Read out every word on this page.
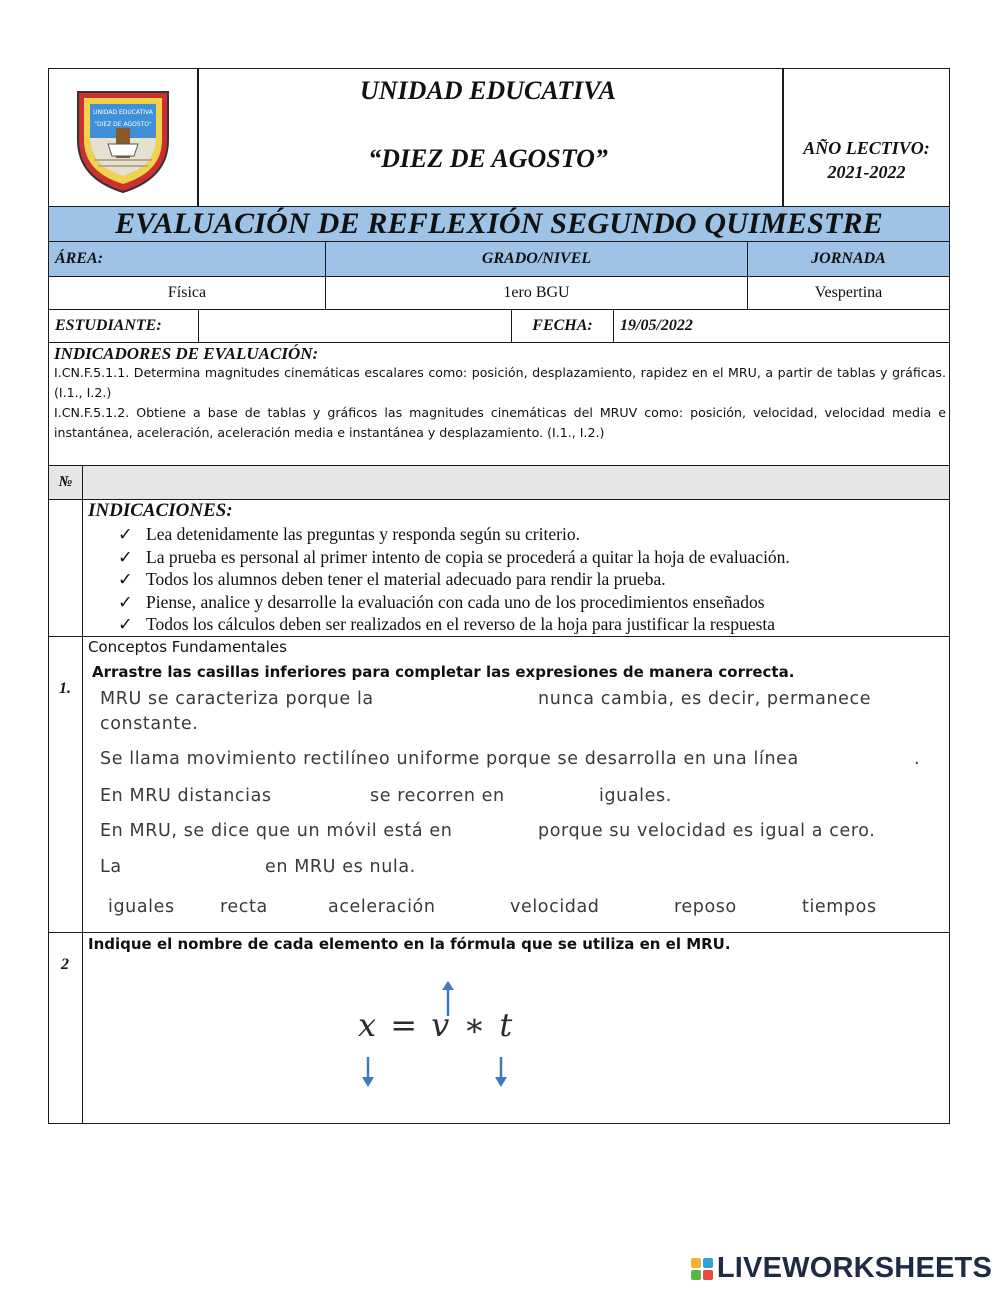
UNIDAD EDUCATIVA
"DIEZ DE AGOSTO"
UNIDAD EDUCATIVA
“DIEZ DE AGOSTO”	AÑO LECTIVO:
2021-2022
EVALUACIÓN DE REFLEXIÓN SEGUNDO QUIMESTRE
ÁREA:	GRADO/NIVEL	JORNADA
Física	1ero BGU	Vespertina
ESTUDIANTE:	FECHA:	19/05/2022
INDICADORES DE EVALUACIÓN:
I.CN.F.5.1.1. Determina magnitudes cinemáticas escalares como: posición, desplazamiento, rapidez en el MRU, a partir de tablas y gráficas. (I.1., I.2.)
I.CN.F.5.1.2. Obtiene a base de tablas y gráficos las magnitudes cinemáticas del MRUV como: posición, velocidad, velocidad media e instantánea, aceleración, aceleración media e instantánea y desplazamiento. (I.1., I.2.)
№
INDICACIONES:
✓ Lea detenidamente las preguntas y responda según su criterio.
✓ La prueba es personal al primer intento de copia se procederá a quitar la hoja de evaluación.
✓ Todos los alumnos deben tener el material adecuado para rendir la prueba.
✓ Piense, analice y desarrolle la evaluación con cada uno de los procedimientos enseñados
✓ Todos los cálculos deben ser realizados en el reverso de la hoja para justificar la respuesta
1.
Conceptos Fundamentales
Arrastre las casillas inferiores para completar las expresiones de manera correcta.
MRU se caracteriza porque la	nunca cambia, es decir, permanece
constante.
Se llama movimiento rectilíneo uniforme porque se desarrolla en una línea	.
En MRU distancias	se recorren en	iguales.
En MRU, se dice que un móvil está en	porque su velocidad es igual a cero.
La	en MRU es nula.
iguales	recta	aceleración	velocidad	reposo	tiempos
2
Indique el nombre de cada elemento en la fórmula que se utiliza en el MRU.
x = v ∗ t
LIVEWORKSHEETS
